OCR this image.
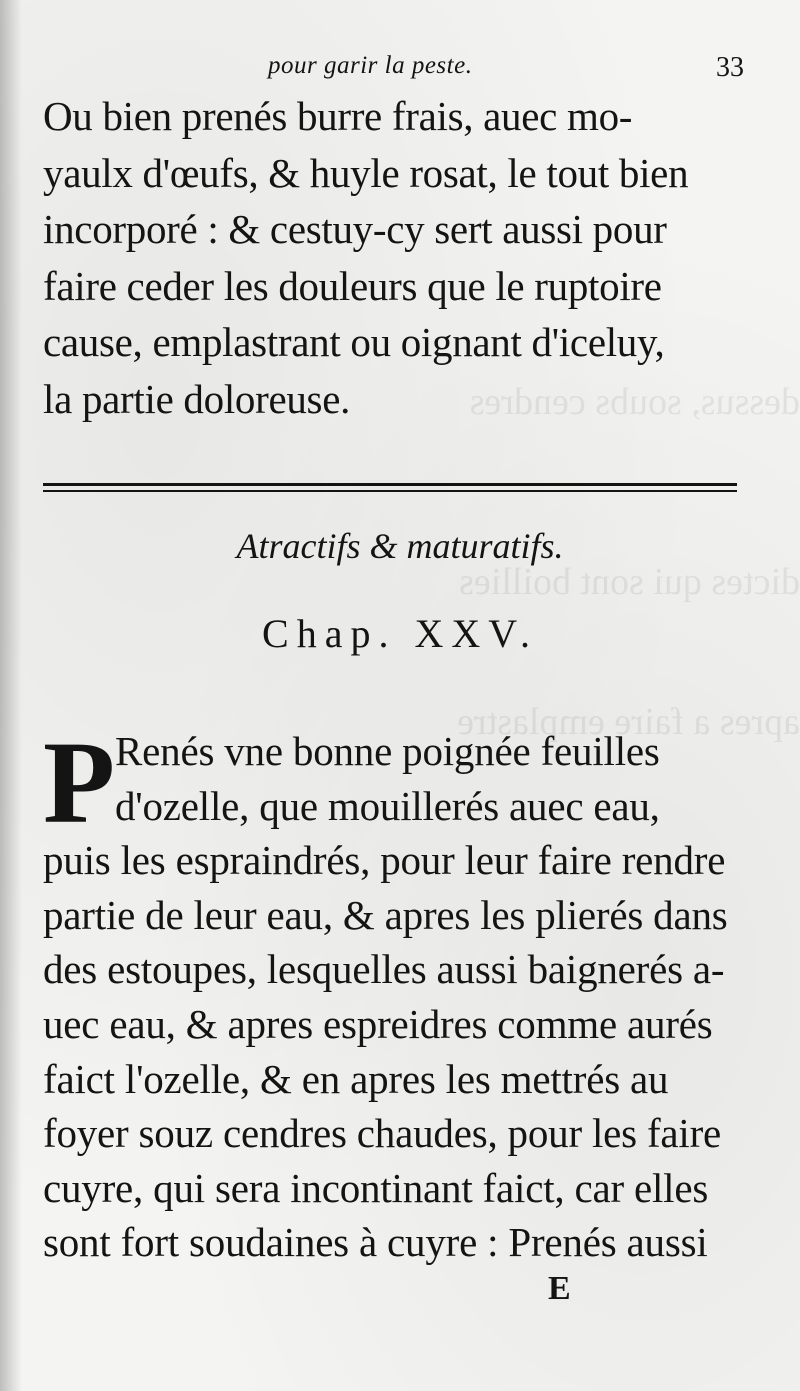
dessus, soubs cendres
dictes qui sont boillies
apres a faire emplastre
pour garir la peste.	33
Ou bien prenés burre frais, auec mo-
yaulx d'œufs, & huyle rosat, le tout bien
incorporé : & cestuy-cy sert aussi pour
faire ceder les douleurs que le ruptoire
cause, emplastrant ou oignant d'iceluy,
la partie doloreuse.
Atractifs & maturatifs.
Chap. XXV.
P Renés vne bonne poignée feuilles
d'ozelle, que mouillerés auec eau,
puis les espraindrés, pour leur faire rendre
partie de leur eau, & apres les plierés dans
des estoupes, lesquelles aussi baignerés a-
uec eau, & apres espreidres comme aurés
faict l'ozelle, & en apres les mettrés au
foyer souz cendres chaudes, pour les faire
cuyre, qui sera incontinant faict, car elles
sont fort soudaines à cuyre : Prenés aussi
E
